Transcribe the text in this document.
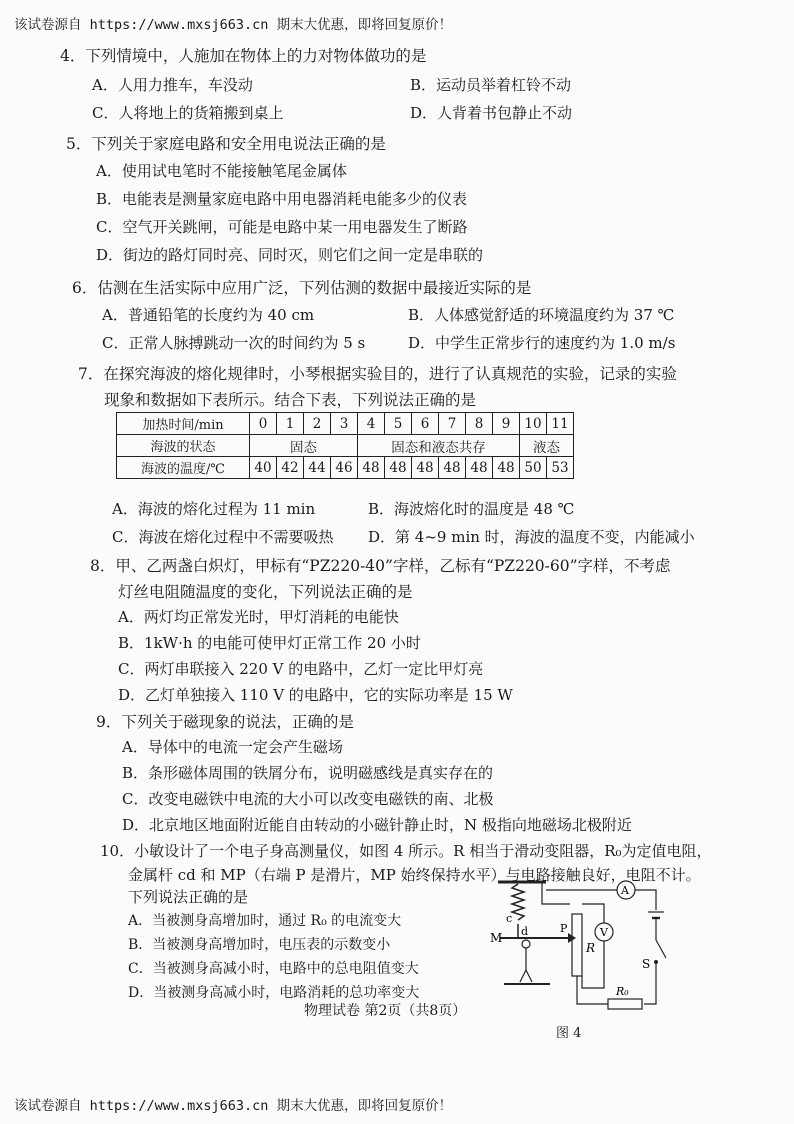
该试卷源自 https://www.mxsj663.cn 期末大优惠，即将回复原价！
4．下列情境中，人施加在物体上的力对物体做功的是
A．人用力推车，车没动	B．运动员举着杠铃不动
C．人将地上的货箱搬到桌上	D．人背着书包静止不动
5．下列关于家庭电路和安全用电说法正确的是
A．使用试电笔时不能接触笔尾金属体
B．电能表是测量家庭电路中用电器消耗电能多少的仪表
C．空气开关跳闸，可能是电路中某一用电器发生了断路
D．街边的路灯同时亮、同时灭，则它们之间一定是串联的
6．估测在生活实际中应用广泛，下列估测的数据中最接近实际的是
A．普通铅笔的长度约为 40 cm	B．人体感觉舒适的环境温度约为 37 ℃
C．正常人脉搏跳动一次的时间约为 5 s	D．中学生正常步行的速度约为 1.0 m/s
7．在探究海波的熔化规律时，小琴根据实验目的，进行了认真规范的实验，记录的实验
现象和数据如下表所示。结合下表，下列说法正确的是
加热时间/min	0	1	2	3	4	5	6	7	8	9	10	11
海波的状态	固态				固态和液态共存						液态	
海波的温度/℃	40	42	44	46	48	48	48	48	48	48	50	53
A．海波的熔化过程为 11 min	B．海波熔化时的温度是 48 ℃
C．海波在熔化过程中不需要吸热 D．第 4~9 min 时，海波的温度不变，内能减小
8．甲、乙两盏白炽灯，甲标有“PZ220-40”字样，乙标有“PZ220-60”字样，不考虑
灯丝电阻随温度的变化，下列说法正确的是
A．两灯均正常发光时，甲灯消耗的电能快
B．1kW·h 的电能可使甲灯正常工作 20 小时
C．两灯串联接入 220 V 的电路中，乙灯一定比甲灯亮
D．乙灯单独接入 110 V 的电路中，它的实际功率是 15 W
9．下列关于磁现象的说法，正确的是
A．导体中的电流一定会产生磁场
B．条形磁体周围的铁屑分布，说明磁感线是真实存在的
C．改变电磁铁中电流的大小可以改变电磁铁的南、北极
D．北京地区地面附近能自由转动的小磁针静止时，N 极指向地磁场北极附近
10．小敏设计了一个电子身高测量仪，如图 4 所示。R 相当于滑动变阻器，R₀为定值电阻，
金属杆 cd 和 MP（右端 P 是滑片，MP 始终保持水平）与电路接触良好，电阻不计。
下列说法正确的是
A．当被测身高增加时，通过 R₀ 的电流变大
B．当被测身高增加时，电压表的示数变小
C．当被测身高减小时，电路中的总电阻值变大
D．当被测身高减小时，电路消耗的总功率变大
c
d
M
P
R
A
V
S
R₀
图 4
物理试卷 第2页（共8页）
该试卷源自 https://www.mxsj663.cn 期末大优惠，即将回复原价！
